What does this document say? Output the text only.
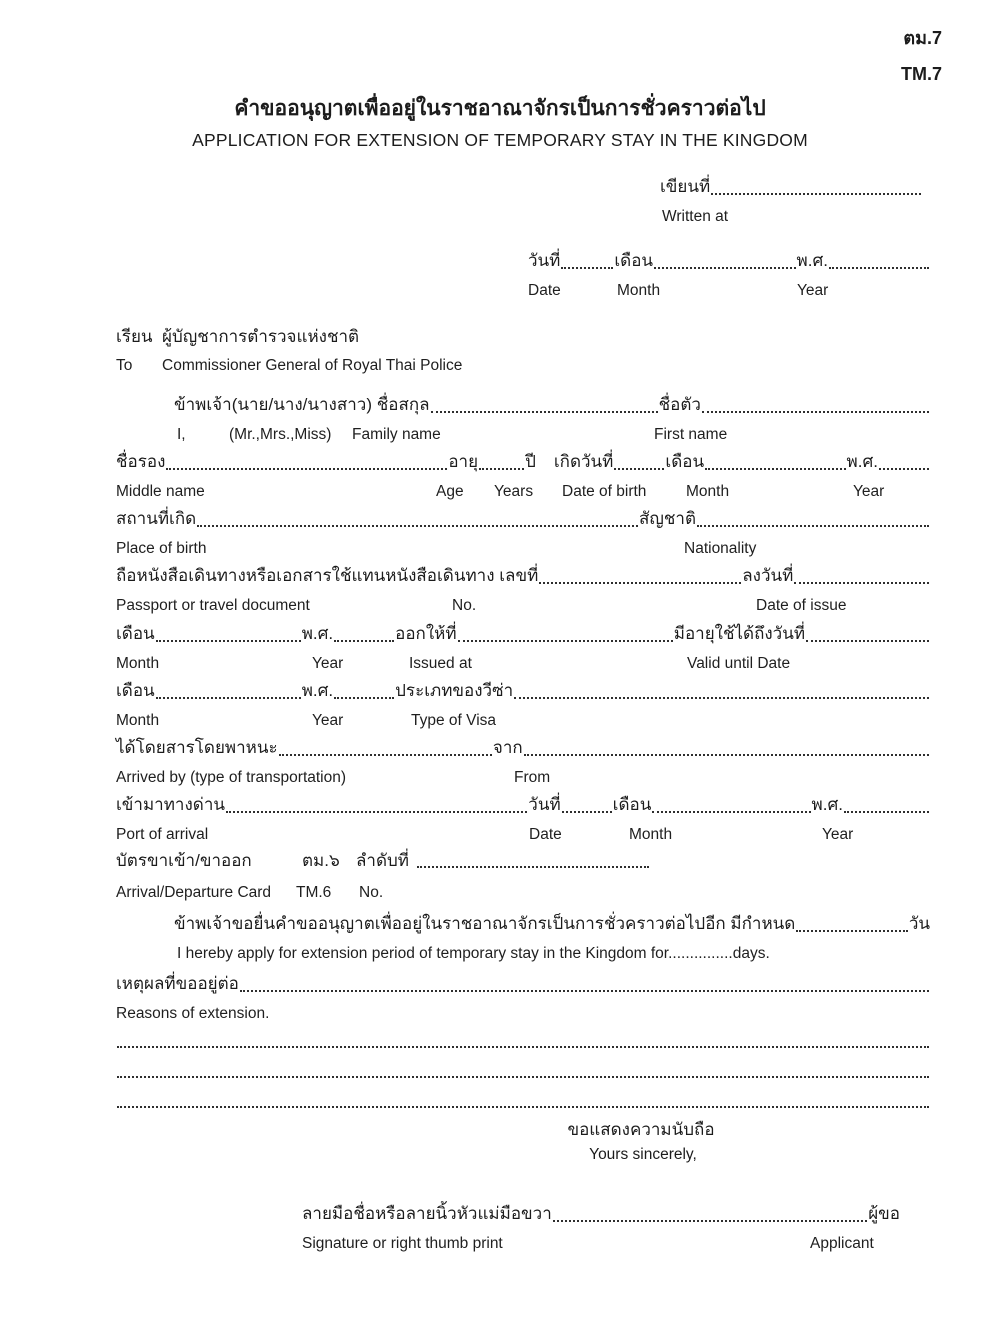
ตม.7
TM.7
คำขออนุญาตเพื่ออยู่ในราชอาณาจักรเป็นการชั่วคราวต่อไป
APPLICATION FOR EXTENSION OF TEMPORARY STAY IN THE KINGDOM
เขียนที่
Written at
วันที่	เดือน	พ.ศ.
Date	Month	Year
เรียน ผู้บัญชาการตำรวจแห่งชาติ
To Commissioner General of Royal Thai Police
ข้าพเจ้า(นาย/นาง/นางสาว) ชื่อสกุล	ชื่อตัว
I,	(Mr.,Mrs.,Miss) Family name	First name
ชื่อรอง	อายุ	ปี เกิดวันที่	เดือน	พ.ศ.
Middle name	Age Years Date of birth	Month	Year
สถานที่เกิด	สัญชาติ
Place of birth	Nationality
ถือหนังสือเดินทางหรือเอกสารใช้แทนหนังสือเดินทาง เลขที่	ลงวันที่
Passport or travel document	No.	Date of issue
เดือน	พ.ศ.	ออกให้ที่	มีอายุใช้ได้ถึงวันที่
Month	Year	Issued at	Valid until Date
เดือน	พ.ศ.	ประเภทของวีซ่า
Month	Year	Type of Visa
ได้โดยสารโดยพาหนะ	จาก
Arrived by (type of transportation)	From
เข้ามาทางด่าน	วันที่	เดือน	พ.ศ.
Port of arrival	Date	Month	Year
บัตรขาเข้า/ขาออก	ตม.๖ ลำดับที่
Arrival/Departure Card TM.6 No.
ข้าพเจ้าขอยื่นคำขออนุญาตเพื่ออยู่ในราชอาณาจักรเป็นการชั่วคราวต่อไปอีก มีกำหนด	วัน
I hereby apply for extension period of temporary stay in the Kingdom for...............days.
เหตุผลที่ขออยู่ต่อ
Reasons of extension.
ขอแสดงความนับถือ
Yours sincerely,
ลายมือชื่อหรือลายนิ้วหัวแม่มือขวา	ผู้ขอ
Signature or right thumb print	Applicant
